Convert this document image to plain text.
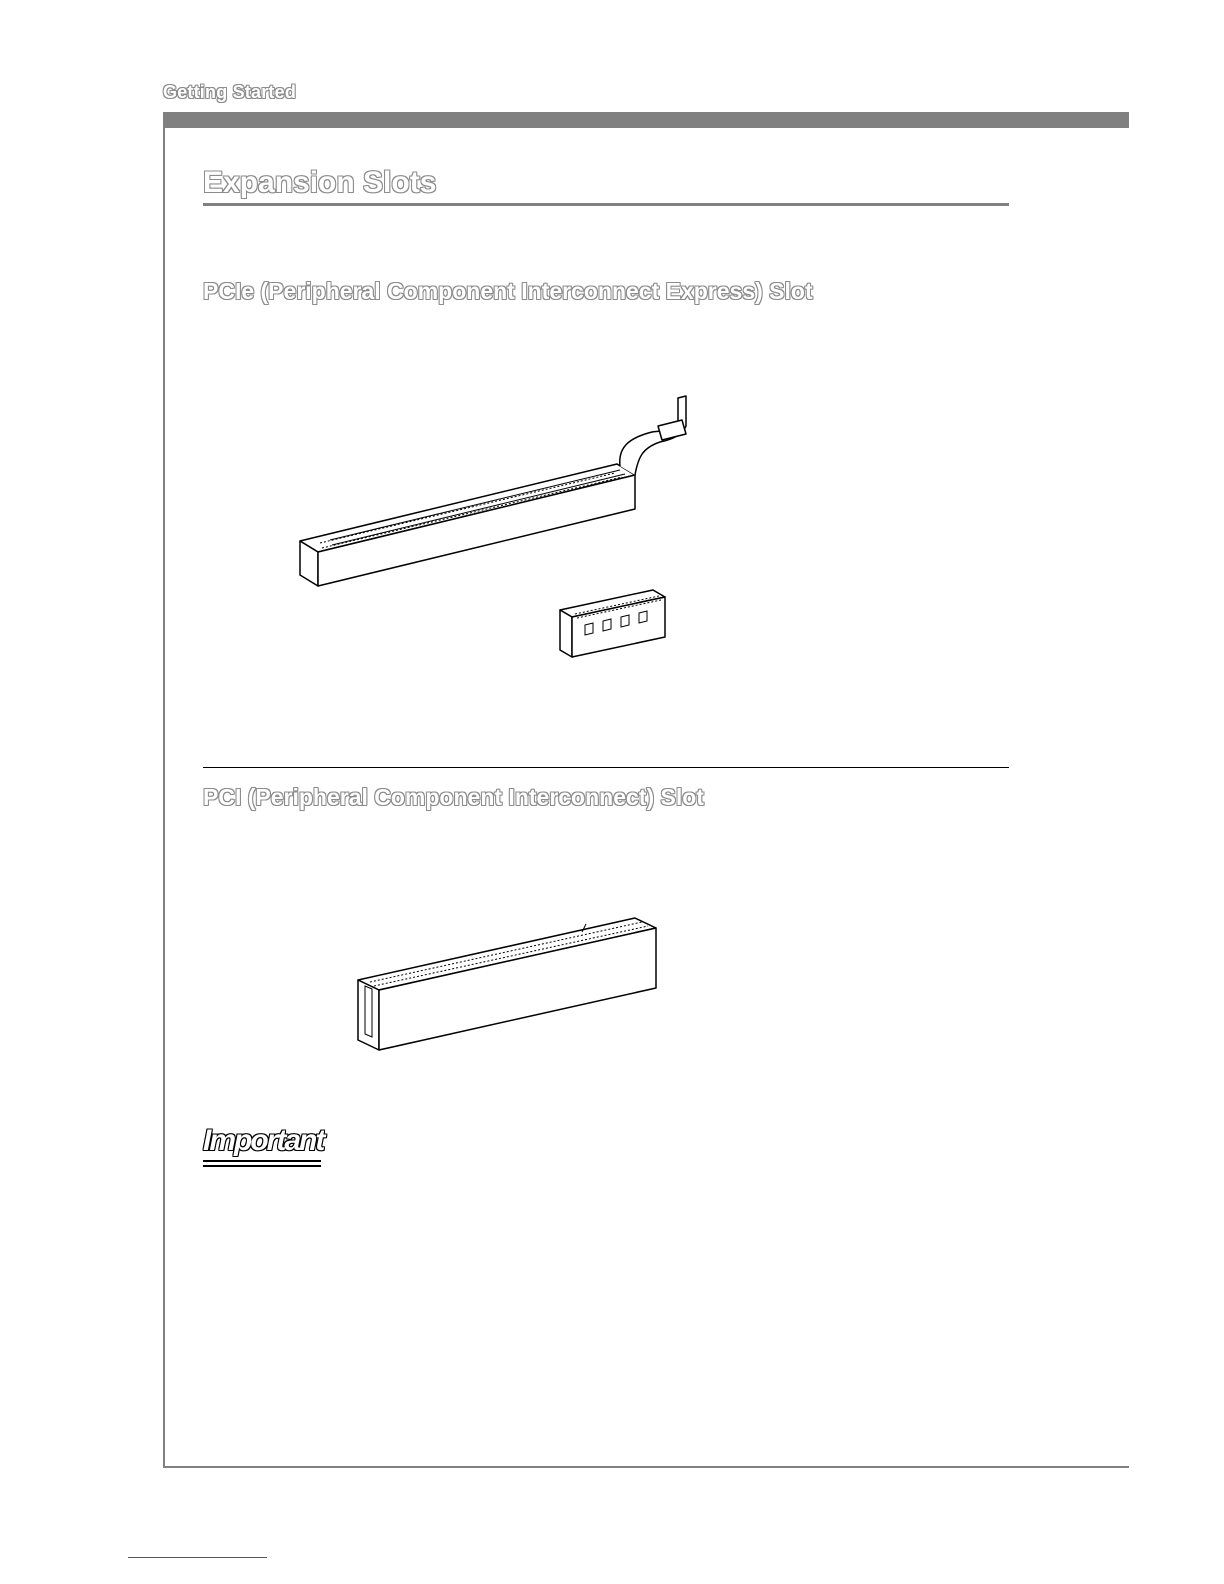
Getting Started
Expansion Slots
PCIe (Peripheral Component Interconnect Express) Slot
PCI (Peripheral Component Interconnect) Slot
Important
